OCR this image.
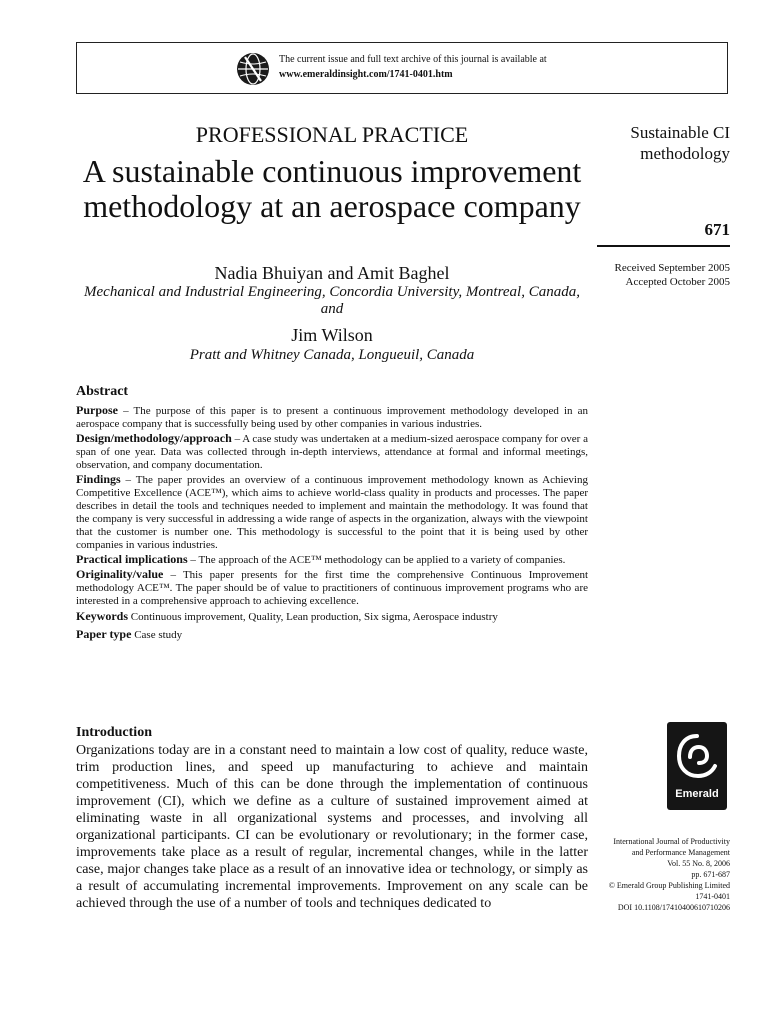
The current issue and full text archive of this journal is available at
www.emeraldinsight.com/1741-0401.htm
PROFESSIONAL PRACTICE
A sustainable continuous improvement methodology at an aerospace company
Nadia Bhuiyan and Amit Baghel
Mechanical and Industrial Engineering, Concordia University, Montreal, Canada, and
Jim Wilson
Pratt and Whitney Canada, Longueuil, Canada
Sustainable CI methodology
671
Received September 2005
Accepted October 2005
Abstract

Purpose – The purpose of this paper is to present a continuous improvement methodology developed in an aerospace company that is successfully being used by other companies in various industries.

Design/methodology/approach – A case study was undertaken at a medium-sized aerospace company for over a span of one year. Data was collected through in-depth interviews, attendance at formal and informal meetings, observation, and company documentation.

Findings – The paper provides an overview of a continuous improvement methodology known as Achieving Competitive Excellence (ACE™), which aims to achieve world-class quality in products and processes. The paper describes in detail the tools and techniques needed to implement and maintain the methodology. It was found that the company is very successful in addressing a wide range of aspects in the organization, always with the viewpoint that the customer is number one. This methodology is successful to the point that it is being used by other companies in various industries.

Practical implications – The approach of the ACE™ methodology can be applied to a variety of companies.

Originality/value – This paper presents for the first time the comprehensive Continuous Improvement methodology ACE™. The paper should be of value to practitioners of continuous improvement programs who are interested in a comprehensive approach to achieving excellence.

Keywords Continuous improvement, Quality, Lean production, Six sigma, Aerospace industry

Paper type Case study

Introduction

Organizations today are in a constant need to maintain a low cost of quality, reduce waste, trim production lines, and speed up manufacturing to achieve and maintain competitiveness. Much of this can be done through the implementation of continuous improvement (CI), which we define as a culture of sustained improvement aimed at eliminating waste in all organizational systems and processes, and involving all organizational participants. CI can be evolutionary or revolutionary; in the former case, improvements take place as a result of regular, incremental changes, while in the latter case, major changes take place as a result of an innovative idea or technology, or simply as a result of accumulating incremental improvements. Improvement on any scale can be achieved through the use of a number of tools and techniques dedicated to

Emerald
International Journal of Productivity
and Performance Management
Vol. 55 No. 8, 2006
pp. 671-687
© Emerald Group Publishing Limited
1741-0401
DOI 10.1108/17410400610710206
